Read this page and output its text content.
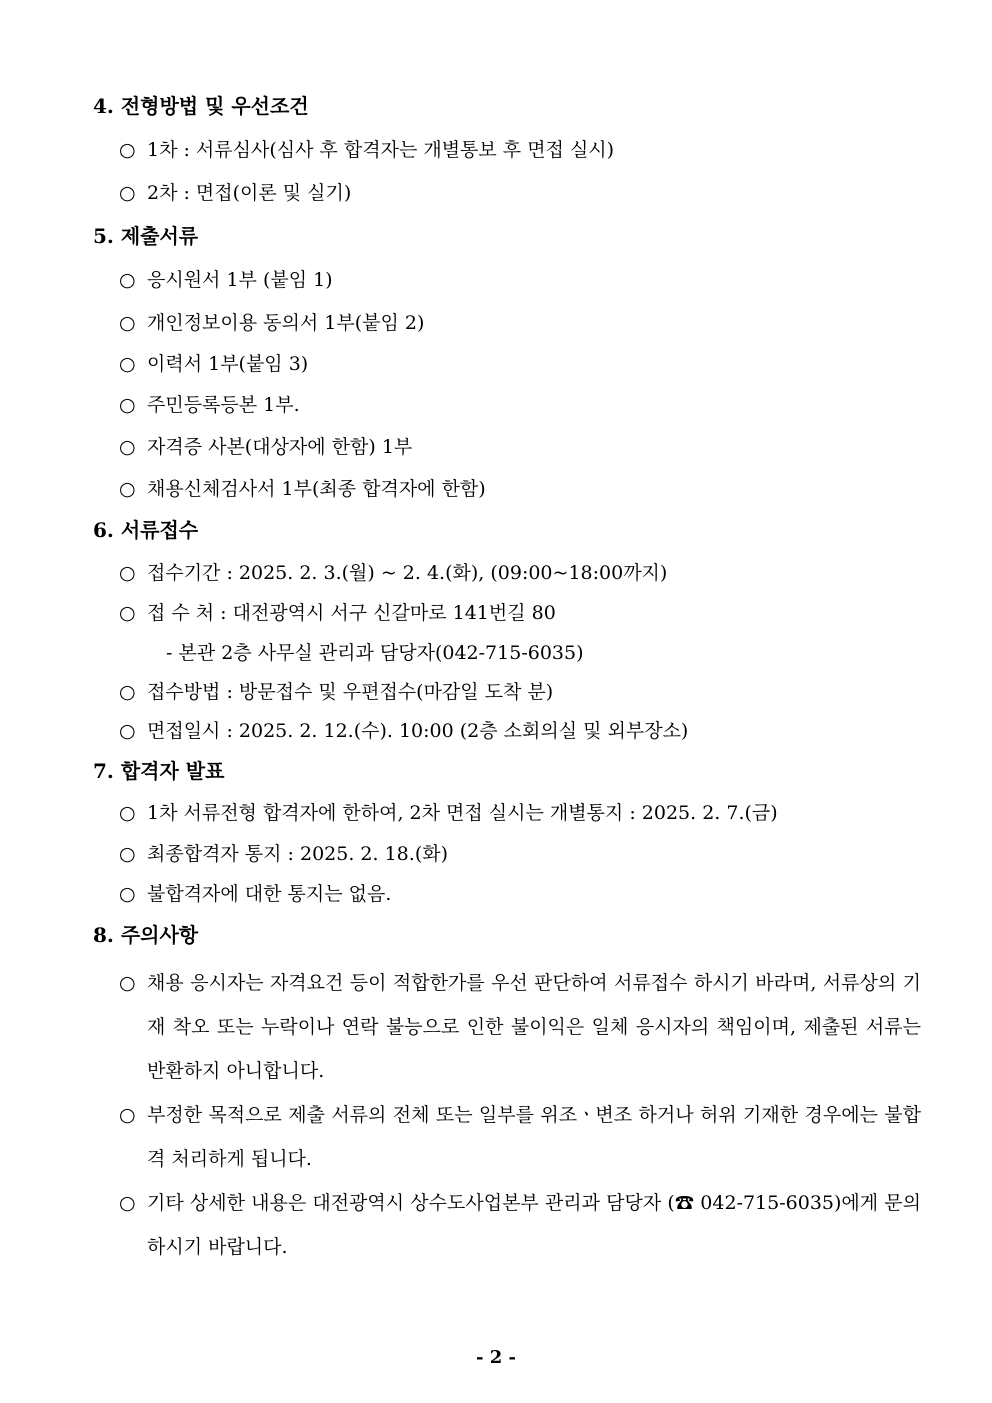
4. 전형방법 및 우선조건
○ 1차 : 서류심사(심사 후 합격자는 개별통보 후 면접 실시)
○ 2차 : 면접(이론 및 실기)
5. 제출서류
○ 응시원서 1부 (붙임 1)
○ 개인정보이용 동의서 1부(붙임 2)
○ 이력서 1부(붙임 3)
○ 주민등록등본 1부.
○ 자격증 사본(대상자에 한함) 1부
○ 채용신체검사서 1부(최종 합격자에 한함)
6. 서류접수
○ 접수기간 : 2025. 2. 3.(월) ~ 2. 4.(화), (09:00~18:00까지)
○ 접 수 처 : 대전광역시 서구 신갈마로 141번길 80
- 본관 2층 사무실 관리과 담당자(042-715-6035)
○ 접수방법 : 방문접수 및 우편접수(마감일 도착 분)
○ 면접일시 : 2025. 2. 12.(수). 10:00 (2층 소회의실 및 외부장소)
7. 합격자 발표
○ 1차 서류전형 합격자에 한하여, 2차 면접 실시는 개별통지 : 2025. 2. 7.(금)
○ 최종합격자 통지 : 2025. 2. 18.(화)
○ 불합격자에 대한 통지는 없음.
8. 주의사항
○ 채용 응시자는 자격요건 등이 적합한가를 우선 판단하여 서류접수 하시기 바라며, 서류상의 기재 착오 또는 누락이나 연락 불능으로 인한 불이익은 일체 응시자의 책임이며, 제출된 서류는 반환하지 아니합니다.
○ 부정한 목적으로 제출 서류의 전체 또는 일부를 위조ㆍ변조 하거나 허위 기재한 경우에는 불합격 처리하게 됩니다.
○ 기타 상세한 내용은 대전광역시 상수도사업본부 관리과 담당자 (☎ 042-715-6035)에게 문의하시기 바랍니다.
- 2 -
